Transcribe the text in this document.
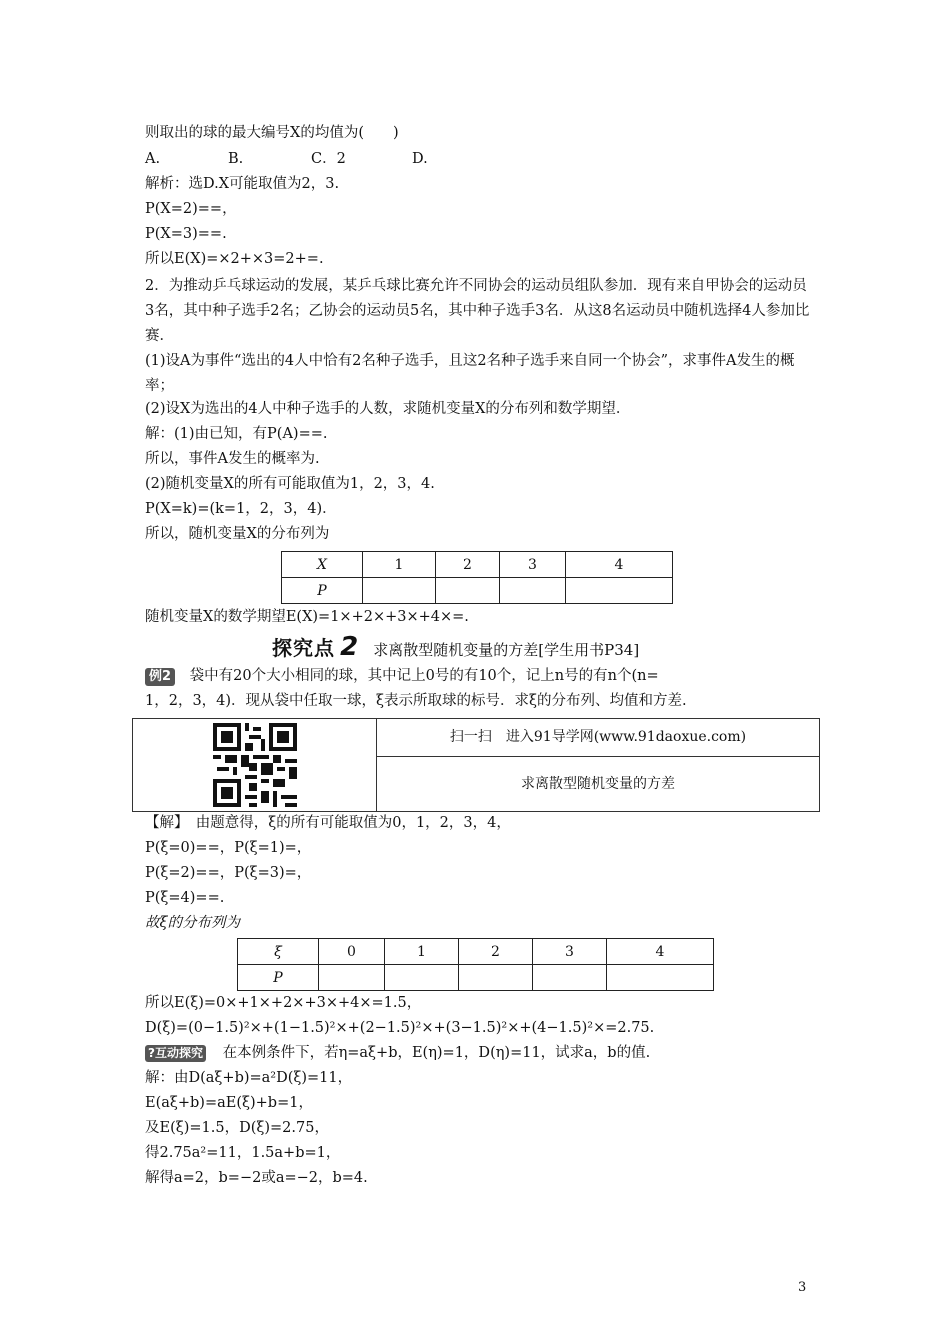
则取出的球的最大编号X的均值为(　　)
A.	B.	C．2	D.
解析：选D.X可能取值为2，3.
P(X=2)==，
P(X=3)==.
所以E(X)=×2+×3=2+=.
2．为推动乒乓球运动的发展，某乒乓球比赛允许不同协会的运动员组队参加．现有来自甲协会的运动员3名，其中种子选手2名；乙协会的运动员5名，其中种子选手3名．从这8名运动员中随机选择4人参加比赛．
(1)设A为事件“选出的4人中恰有2名种子选手，且这2名种子选手来自同一个协会”，求事件A发生的概率；
(2)设X为选出的4人中种子选手的人数，求随机变量X的分布列和数学期望．
解：(1)由已知，有P(A)==.
所以，事件A发生的概率为.
(2)随机变量X的所有可能取值为1，2，3，4.
P(X=k)=(k=1，2，3，4)．
所以，随机变量X的分布列为
X	1	2	3	4
P				
随机变量X的数学期望E(X)=1×+2×+3×+4×=.
探究点 2 求离散型随机变量的方差[学生用书P34]
例2 袋中有20个大小相同的球，其中记上0号的有10个，记上n号的有n个(n=
1，2，3，4)．现从袋中任取一球，ξ表示所取球的标号．求ξ的分布列、均值和方差.
扫一扫　进入91导学网(www.91daoxue.com)
求离散型随机变量的方差
【解】　由题意得，ξ的所有可能取值为0，1，2，3，4，
P(ξ=0)==，P(ξ=1)=，
P(ξ=2)==，P(ξ=3)=，
P(ξ=4)==.
故ξ的分布列为
ξ	0	1	2	3	4
P					
所以E(ξ)=0×+1×+2×+3×+4×=1.5，
D(ξ)=(0−1.5)²×+(1−1.5)²×+(2−1.5)²×+(3−1.5)²×+(4−1.5)²×=2.75.
?互动探究 在本例条件下，若η=aξ+b，E(η)=1，D(η)=11，试求a，b的值.
解：由D(aξ+b)=a²D(ξ)=11，
E(aξ+b)=aE(ξ)+b=1，
及E(ξ)=1.5，D(ξ)=2.75，
得2.75a²=11，1.5a+b=1，
解得a=2，b=−2或a=−2，b=4.
3
